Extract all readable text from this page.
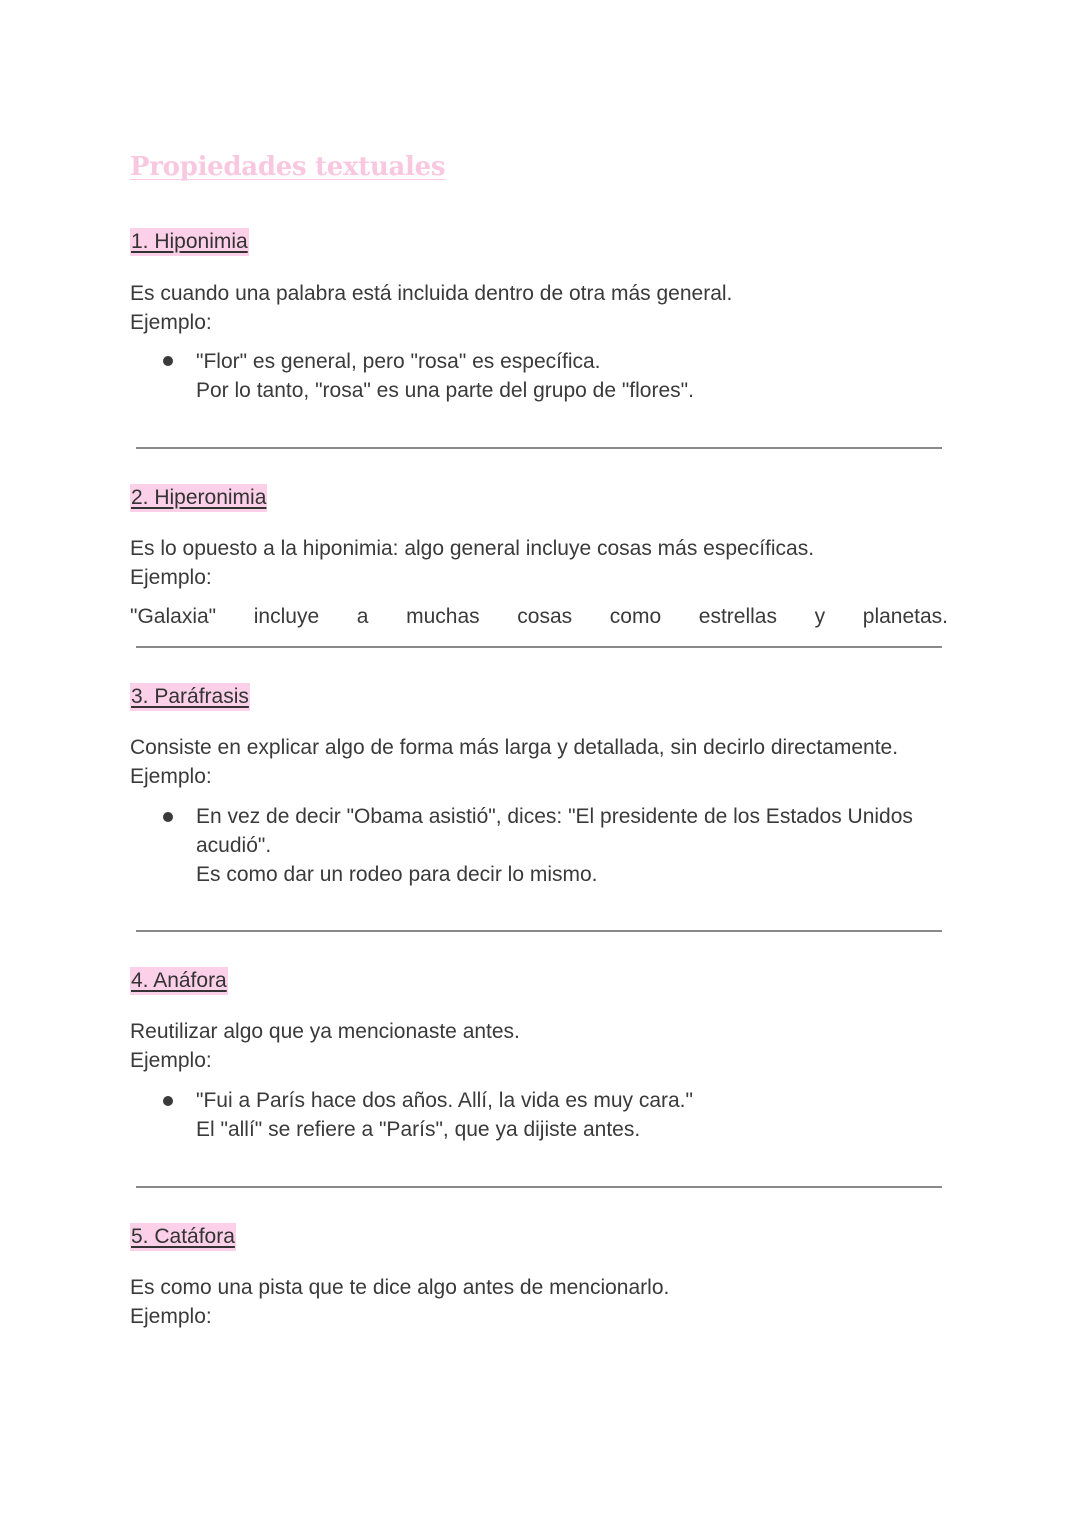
Propiedades textuales
1. Hiponimia
Es cuando una palabra está incluida dentro de otra más general.
Ejemplo:
"Flor" es general, pero "rosa" es específica.
Por lo tanto, "rosa" es una parte del grupo de "flores".
2. Hiperonimia
Es lo opuesto a la hiponimia: algo general incluye cosas más específicas.
Ejemplo:
"Galaxia" incluye a muchas cosas como estrellas y planetas.
3. Paráfrasis
Consiste en explicar algo de forma más larga y detallada, sin decirlo directamente.
Ejemplo:
En vez de decir "Obama asistió", dices: "El presidente de los Estados Unidos
acudió".
Es como dar un rodeo para decir lo mismo.
4. Anáfora
Reutilizar algo que ya mencionaste antes.
Ejemplo:
"Fui a París hace dos años. Allí, la vida es muy cara."
El "allí" se refiere a "París", que ya dijiste antes.
5. Catáfora
Es como una pista que te dice algo antes de mencionarlo.
Ejemplo:
